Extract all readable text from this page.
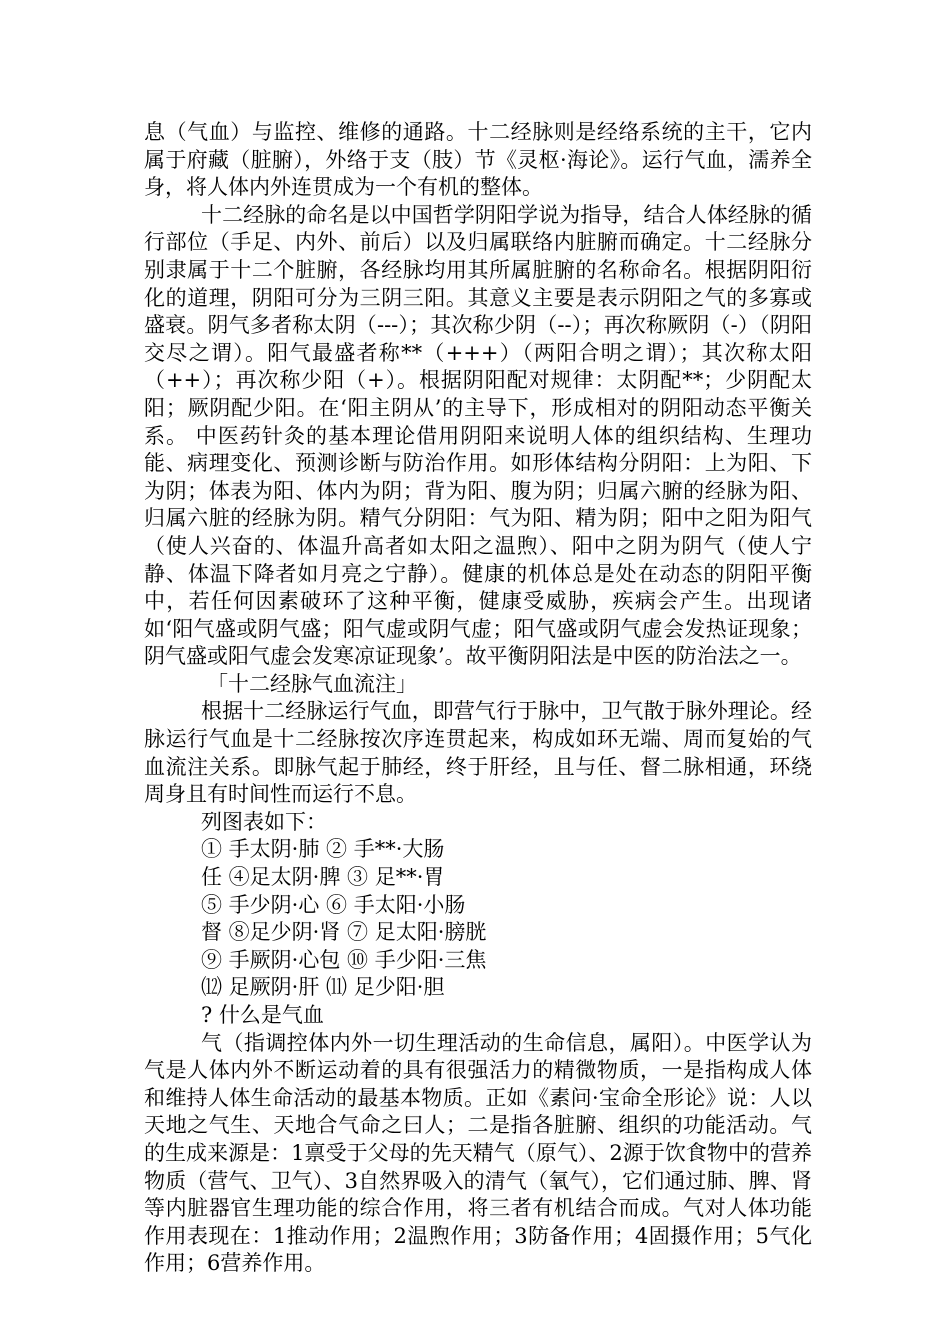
息（气血）与监控、维修的通路。十二经脉则是经络系统的主干，它内属于府藏（脏腑），外络于支（肢）节《灵枢·海论》。运行气血，濡养全身，将人体内外连贯成为一个有机的整体。

十二经脉的命名是以中国哲学阴阳学说为指导，结合人体经脉的循行部位（手足、内外、前后）以及归属联络内脏腑而确定。十二经脉分别隶属于十二个脏腑，各经脉均用其所属脏腑的名称命名。根据阴阳衍化的道理，阴阳可分为三阴三阳。其意义主要是表示阴阳之气的多寡或盛衰。阴气多者称太阴（---）；其次称少阴（--）；再次称厥阴（-）（阴阳交尽之谓）。阳气最盛者称**（+++）（两阳合明之谓）；其次称太阳（++）；再次称少阳（+）。根据阴阳配对规律：太阴配**；少阴配太阳；厥阴配少阳。在‘阳主阴从’的主导下，形成相对的阴阳动态平衡关系。 中医药针灸的基本理论借用阴阳来说明人体的组织结构、生理功能、病理变化、预测诊断与防治作用。如形体结构分阴阳：上为阳、下为阴；体表为阳、体内为阴；背为阳、腹为阴；归属六腑的经脉为阳、归属六脏的经脉为阴。精气分阴阳：气为阳、精为阴；阳中之阳为阳气（使人兴奋的、体温升高者如太阳之温煦）、阳中之阴为阴气（使人宁静、体温下降者如月亮之宁静）。健康的机体总是处在动态的阴阳平衡中，若任何因素破环了这种平衡，健康受威胁，疾病会产生。出现诸如‘阳气盛或阴气盛；阳气虚或阴气虚；阳气盛或阴气虚会发热证现象；阴气盛或阳气虚会发寒凉证现象’。故平衡阴阳法是中医的防治法之一。

「十二经脉气血流注」

根据十二经脉运行气血，即营气行于脉中，卫气散于脉外理论。经脉运行气血是十二经脉按次序连贯起来，构成如环无端、周而复始的气血流注关系。即脉气起于肺经，终于肝经，且与任、督二脉相通，环绕周身且有时间性而运行不息。

列图表如下：

① 手太阴·肺 ② 手**·大肠

任 ④足太阴·脾 ③ 足**·胃

⑤ 手少阴·心 ⑥ 手太阳·小肠

督 ⑧足少阴·肾 ⑦ 足太阳·膀胱

⑨ 手厥阴·心包 ⑩ 手少阳·三焦

⑿ 足厥阴·肝 ⑾ 足少阳·胆

? 什么是气血

气（指调控体内外一切生理活动的生命信息，属阳）。中医学认为气是人体内外不断运动着的具有很强活力的精微物质，一是指构成人体和维持人体生命活动的最基本物质。正如《素问·宝命全形论》说：人以天地之气生、天地合气命之曰人；二是指各脏腑、组织的功能活动。气的生成来源是：1禀受于父母的先天精气（原气）、2源于饮食物中的营养物质（营气、卫气）、3自然界吸入的清气（氧气），它们通过肺、脾、肾等内脏器官生理功能的综合作用，将三者有机结合而成。气对人体功能作用表现在：1推动作用；2温煦作用；3防备作用；4固摄作用；5气化作用；6营养作用。
